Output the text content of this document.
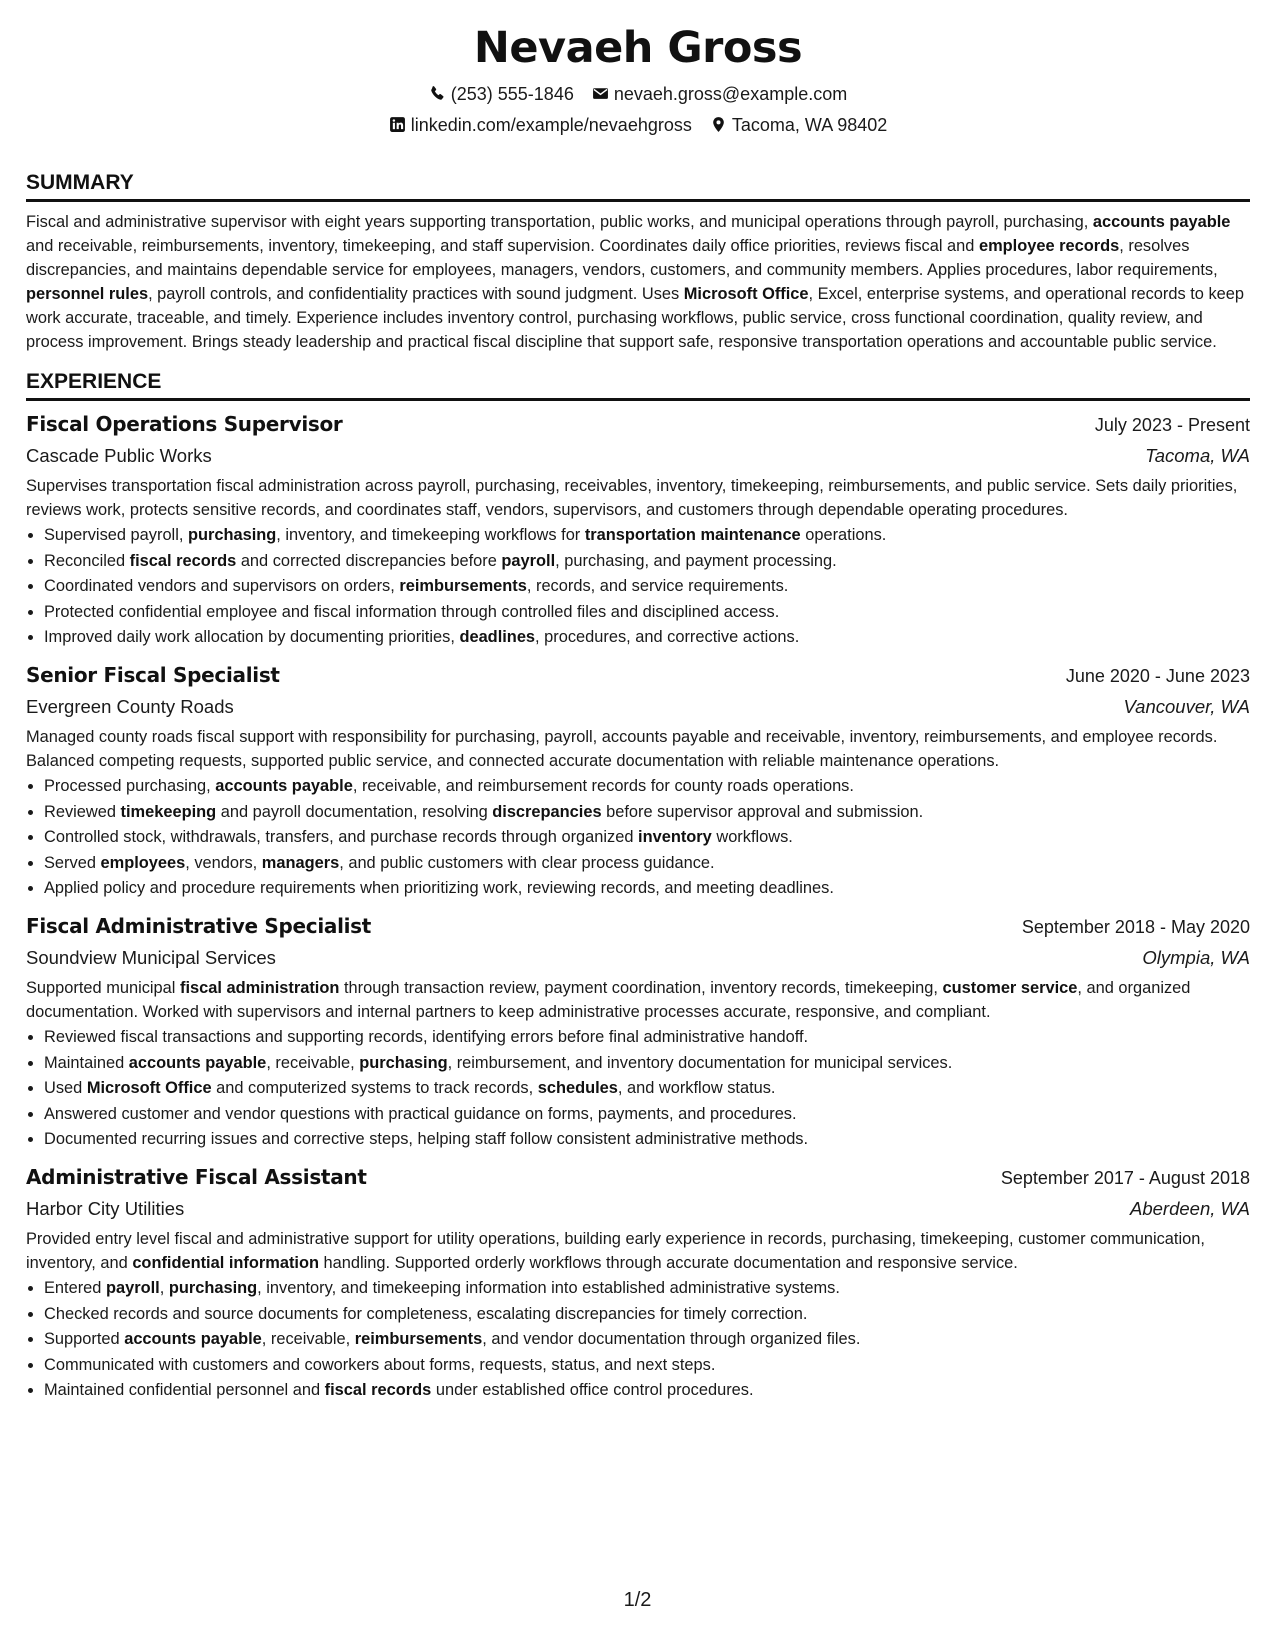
Nevaeh Gross
(253) 555-1846 nevaeh.gross@example.com
linkedin.com/example/nevaehgross Tacoma, WA 98402
SUMMARY

Fiscal and administrative supervisor with eight years supporting transportation, public works, and municipal operations through payroll, purchasing, accounts payable and receivable, reimbursements, inventory, timekeeping, and staff supervision. Coordinates daily office priorities, reviews fiscal and employee records, resolves discrepancies, and maintains dependable service for employees, managers, vendors, customers, and community members. Applies procedures, labor requirements, personnel rules, payroll controls, and confidentiality practices with sound judgment. Uses Microsoft Office, Excel, enterprise systems, and operational records to keep work accurate, traceable, and timely. Experience includes inventory control, purchasing workflows, public service, cross functional coordination, quality review, and process improvement. Brings steady leadership and practical fiscal discipline that support safe, responsive transportation operations and accountable public service.

EXPERIENCE
Fiscal Operations Supervisor	July 2023 - Present
Cascade Public Works	Tacoma, WA

Supervises transportation fiscal administration across payroll, purchasing, receivables, inventory, timekeeping, reimbursements, and public service. Sets daily priorities, reviews work, protects sensitive records, and coordinates staff, vendors, supervisors, and customers through dependable operating procedures.

• Supervised payroll, purchasing, inventory, and timekeeping workflows for transportation maintenance operations.
• Reconciled fiscal records and corrected discrepancies before payroll, purchasing, and payment processing.
• Coordinated vendors and supervisors on orders, reimbursements, records, and service requirements.
• Protected confidential employee and fiscal information through controlled files and disciplined access.
• Improved daily work allocation by documenting priorities, deadlines, procedures, and corrective actions.
Senior Fiscal Specialist	June 2020 - June 2023
Evergreen County Roads	Vancouver, WA

Managed county roads fiscal support with responsibility for purchasing, payroll, accounts payable and receivable, inventory, reimbursements, and employee records. Balanced competing requests, supported public service, and connected accurate documentation with reliable maintenance operations.

• Processed purchasing, accounts payable, receivable, and reimbursement records for county roads operations.
• Reviewed timekeeping and payroll documentation, resolving discrepancies before supervisor approval and submission.
• Controlled stock, withdrawals, transfers, and purchase records through organized inventory workflows.
• Served employees, vendors, managers, and public customers with clear process guidance.
• Applied policy and procedure requirements when prioritizing work, reviewing records, and meeting deadlines.
Fiscal Administrative Specialist	September 2018 - May 2020
Soundview Municipal Services	Olympia, WA

Supported municipal fiscal administration through transaction review, payment coordination, inventory records, timekeeping, customer service, and organized documentation. Worked with supervisors and internal partners to keep administrative processes accurate, responsive, and compliant.

• Reviewed fiscal transactions and supporting records, identifying errors before final administrative handoff.
• Maintained accounts payable, receivable, purchasing, reimbursement, and inventory documentation for municipal services.
• Used Microsoft Office and computerized systems to track records, schedules, and workflow status.
• Answered customer and vendor questions with practical guidance on forms, payments, and procedures.
• Documented recurring issues and corrective steps, helping staff follow consistent administrative methods.
Administrative Fiscal Assistant	September 2017 - August 2018
Harbor City Utilities	Aberdeen, WA

Provided entry level fiscal and administrative support for utility operations, building early experience in records, purchasing, timekeeping, customer communication, inventory, and confidential information handling. Supported orderly workflows through accurate documentation and responsive service.

• Entered payroll, purchasing, inventory, and timekeeping information into established administrative systems.
• Checked records and source documents for completeness, escalating discrepancies for timely correction.
• Supported accounts payable, receivable, reimbursements, and vendor documentation through organized files.
• Communicated with customers and coworkers about forms, requests, status, and next steps.
• Maintained confidential personnel and fiscal records under established office control procedures.
1/2
